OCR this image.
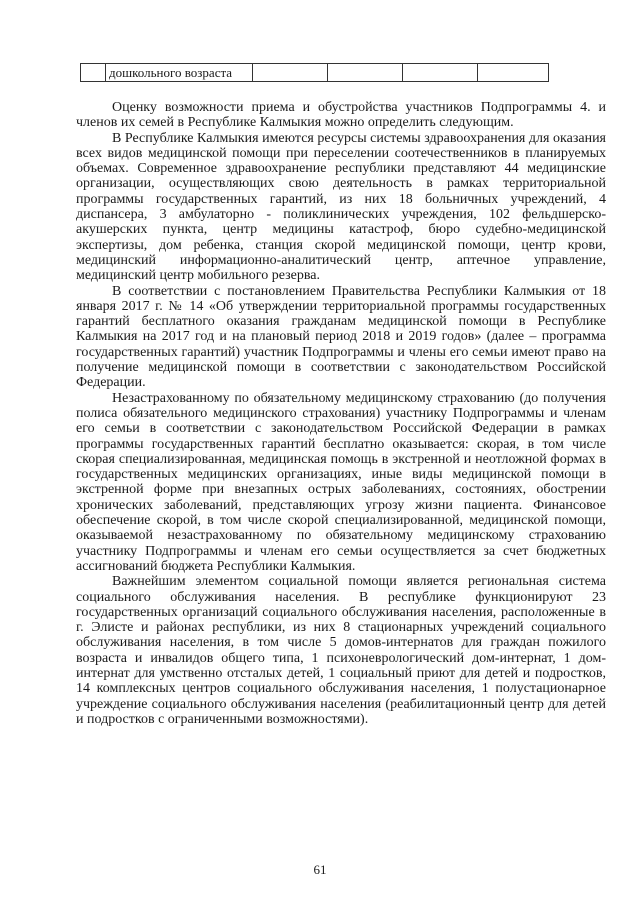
	дошкольного возраста				

Оценку возможности приема и обустройства участников Подпрограммы 4. и членов их семей в Республике Калмыкия можно определить следующим.

В Республике Калмыкия имеются ресурсы системы здравоохранения для оказания всех видов медицинской помощи при переселении соотечественников в планируемых объемах. Современное здравоохранение республики представляют 44 медицинские организации, осуществляющих свою деятельность в рамках территориальной программы государственных гарантий, из них 18 больничных учреждений, 4 диспансера, 3 амбулаторно - поликлинических учреждения, 102 фельдшерско-акушерских пункта, центр медицины катастроф, бюро судебно-медицинской экспертизы, дом ребенка, станция скорой медицинской помощи, центр крови, медицинский информационно-аналитический центр, аптечное управление, медицинский центр мобильного резерва.

В соответствии с постановлением Правительства Республики Калмыкия от 18 января 2017 г. № 14 «Об утверждении территориальной программы государственных гарантий бесплатного оказания гражданам медицинской помощи в Республике Калмыкия на 2017 год и на плановый период 2018 и 2019 годов» (далее – программа государственных гарантий) участник Подпрограммы и члены его семьи имеют право на получение медицинской помощи в соответствии с законодательством Российской Федерации.

Незастрахованному по обязательному медицинскому страхованию (до получения полиса обязательного медицинского страхования) участнику Подпрограммы и членам его семьи в соответствии с законодательством Российской Федерации в рамках программы государственных гарантий бесплатно оказывается: скорая, в том числе скорая специализированная, медицинская помощь в экстренной и неотложной формах в государственных медицинских организациях, иные виды медицинской помощи в экстренной форме при внезапных острых заболеваниях, состояниях, обострении хронических заболеваний, представляющих угрозу жизни пациента. Финансовое обеспечение скорой, в том числе скорой специализированной, медицинской помощи, оказываемой незастрахованному по обязательному медицинскому страхованию участнику Подпрограммы и членам его семьи осуществляется за счет бюджетных ассигнований бюджета Республики Калмыкия.

Важнейшим элементом социальной помощи является региональная система социального обслуживания населения. В республике функционируют 23 государственных организаций социального обслуживания населения, расположенные в г. Элисте и районах республики, из них 8 стационарных учреждений социального обслуживания населения, в том числе 5 домов-интернатов для граждан пожилого возраста и инвалидов общего типа, 1 психоневрологический дом-интернат, 1 дом-интернат для умственно отсталых детей, 1 социальный приют для детей и подростков, 14 комплексных центров социального обслуживания населения, 1 полустационарное учреждение социального обслуживания населения (реабилитационный центр для детей и подростков с ограниченными возможностями).

61
